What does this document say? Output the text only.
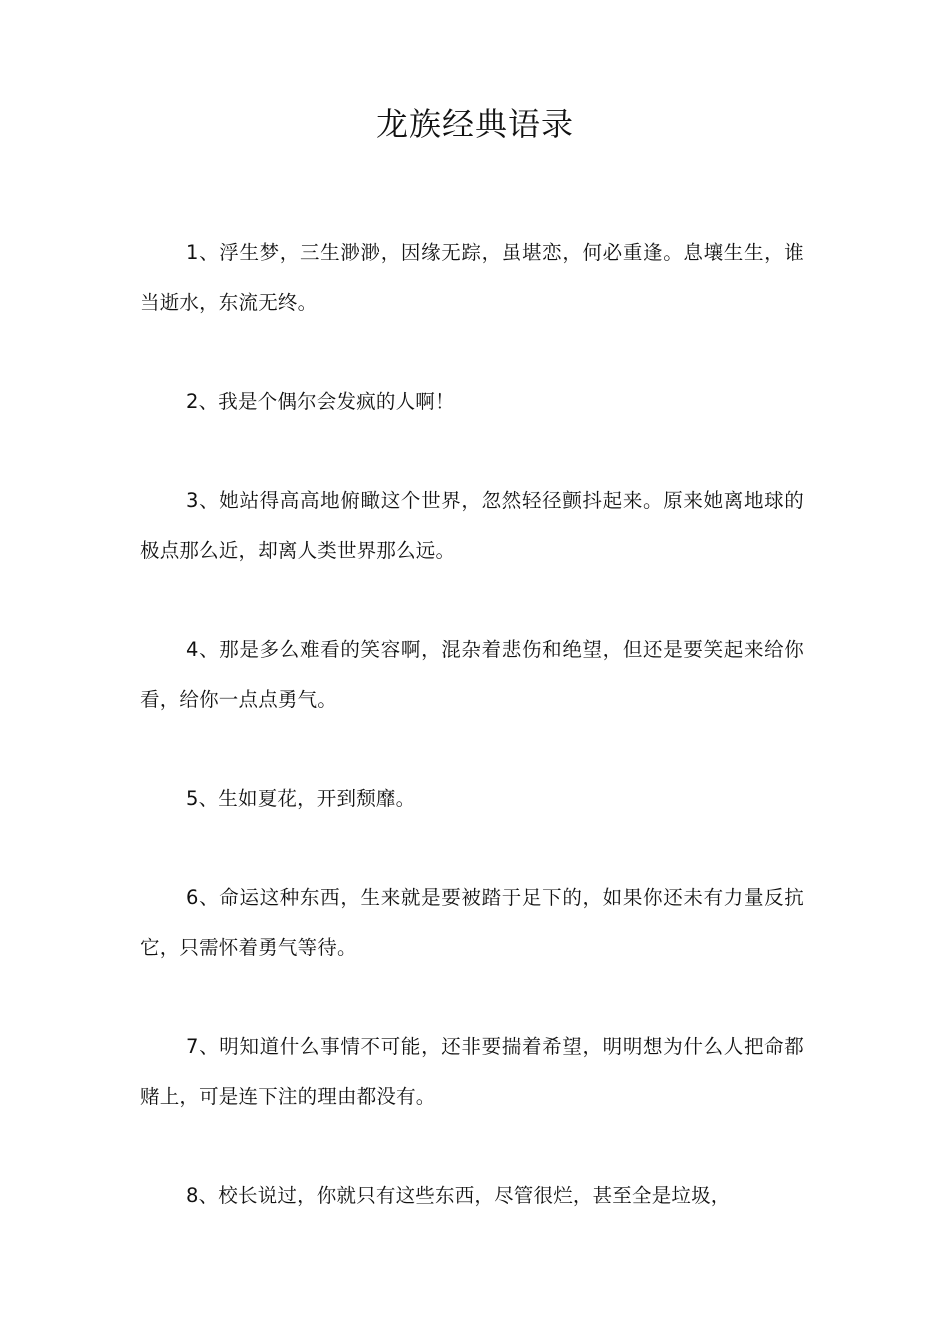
龙族经典语录

1、浮生梦，三生渺渺，因缘无踪，虽堪恋，何必重逢。息壤生生，谁当逝水，东流无终。

2、我是个偶尔会发疯的人啊！

3、她站得高高地俯瞰这个世界，忽然轻径颤抖起来。原来她离地球的极点那么近，却离人类世界那么远。

4、那是多么难看的笑容啊，混杂着悲伤和绝望，但还是要笑起来给你看，给你一点点勇气。

5、生如夏花，开到颓靡。

6、命运这种东西，生来就是要被踏于足下的，如果你还未有力量反抗它，只需怀着勇气等待。

7、明知道什么事情不可能，还非要揣着希望，明明想为什么人把命都赌上，可是连下注的理由都没有。

8、校长说过，你就只有这些东西，尽管很烂，甚至全是垃圾，
